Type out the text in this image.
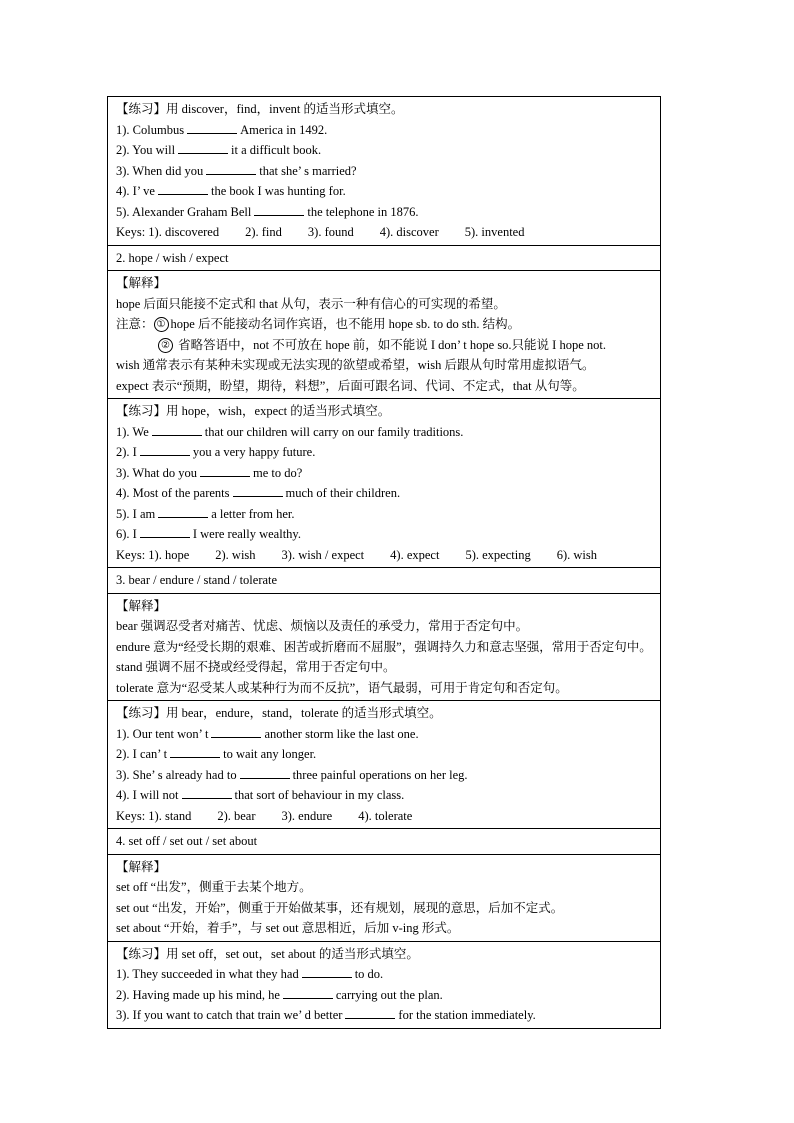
【练习】用 discover，find，invent 的适当形式填空。
1). Columbus	America in 1492.
2). You will	it a difficult book.
3). When did you	that she’ s married?
4). I’ ve	the book I was hunting for.
5). Alexander Graham Bell	the telephone in 1876.
Keys: 1). discovered 2). find 3). found 4). discover 5). invented
2. hope / wish / expect
【解释】
hope 后面只能接不定式和 that 从句，表示一种有信心的可实现的希望。
注意： ① hope 后不能接动名词作宾语，也不能用 hope sb. to do sth. 结构。
② 省略答语中，not 不可放在 hope 前，如不能说 I don’ t hope so.只能说 I hope not.
wish 通常表示有某种未实现或无法实现的欲望或希望，wish 后跟从句时常用虚拟语气。
expect 表示“预期，盼望，期待，料想”，后面可跟名词、代词、不定式，that 从句等。
【练习】用 hope，wish，expect 的适当形式填空。
1). We	that our children will carry on our family traditions.
2). I	you a very happy future.
3). What do you	me to do?
4). Most of the parents	much of their children.
5). I am	a letter from her.
6). I	I were really wealthy.
Keys: 1). hope 2). wish 3). wish / expect 4). expect 5). expecting 6). wish
3. bear / endure / stand / tolerate
【解释】
bear 强调忍受者对痛苦、忧虑、烦恼以及责任的承受力，常用于否定句中。
endure 意为“经受长期的艰难、困苦或折磨而不屈服”，强调持久力和意志坚强，常用于否定句中。
stand 强调不屈不挠或经受得起，常用于否定句中。
tolerate 意为“忍受某人或某种行为而不反抗”，语气最弱，可用于肯定句和否定句。
【练习】用 bear，endure，stand，tolerate 的适当形式填空。
1). Our tent won’ t	another storm like the last one.
2). I can’ t	to wait any longer.
3). She’ s already had to	three painful operations on her leg.
4). I will not	that sort of behaviour in my class.
Keys: 1). stand 2). bear 3). endure 4). tolerate
4. set off / set out / set about
【解释】
set off “出发”，侧重于去某个地方。
set out “出发，开始”，侧重于开始做某事，还有规划，展现的意思，后加不定式。
set about “开始，着手”，与 set out 意思相近，后加 v-ing 形式。
【练习】用 set off，set out，set about 的适当形式填空。
1). They succeeded in what they had	to do.
2). Having made up his mind, he	carrying out the plan.
3). If you want to catch that train we’ d better	for the station immediately.
